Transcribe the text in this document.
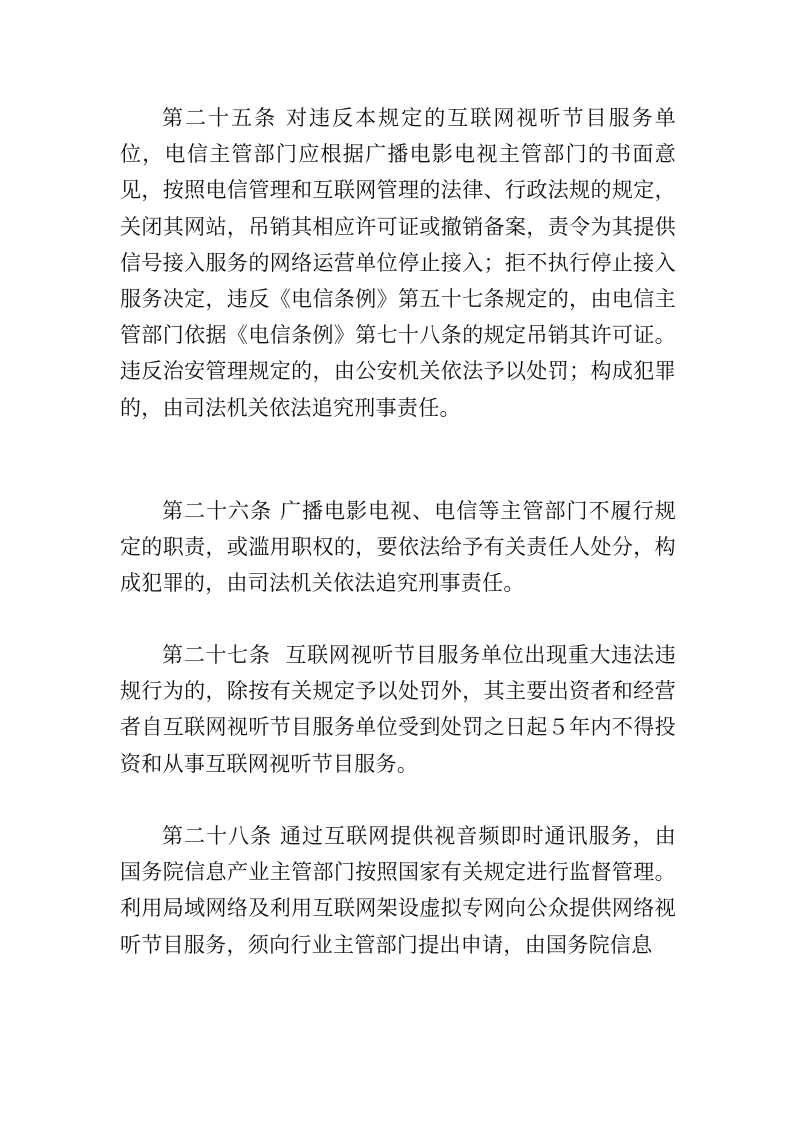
第二十五条 对违反本规定的互联网视听节目服务单位，电信主管部门应根据广播电影电视主管部门的书面意见，按照电信管理和互联网管理的法律、行政法规的规定，关闭其网站，吊销其相应许可证或撤销备案，责令为其提供信号接入服务的网络运营单位停止接入；拒不执行停止接入服务决定，违反《电信条例》第五十七条规定的，由电信主管部门依据《电信条例》第七十八条的规定吊销其许可证。 违反治安管理规定的，由公安机关依法予以处罚；构成犯罪的，由司法机关依法追究刑事责任。

第二十六条 广播电影电视、电信等主管部门不履行规定的职责，或滥用职权的，要依法给予有关责任人处分，构成犯罪的，由司法机关依法追究刑事责任。

第二十七条 互联网视听节目服务单位出现重大违法违规行为的，除按有关规定予以处罚外，其主要出资者和经营者自互联网视听节目服务单位受到处罚之日起５年内不得投资和从事互联网视听节目服务。

第二十八条 通过互联网提供视音频即时通讯服务，由国务院信息产业主管部门按照国家有关规定进行监督管理。利用局域网络及利用互联网架设虚拟专网向公众提供网络视听节目服务，须向行业主管部门提出申请，由国务院信息
